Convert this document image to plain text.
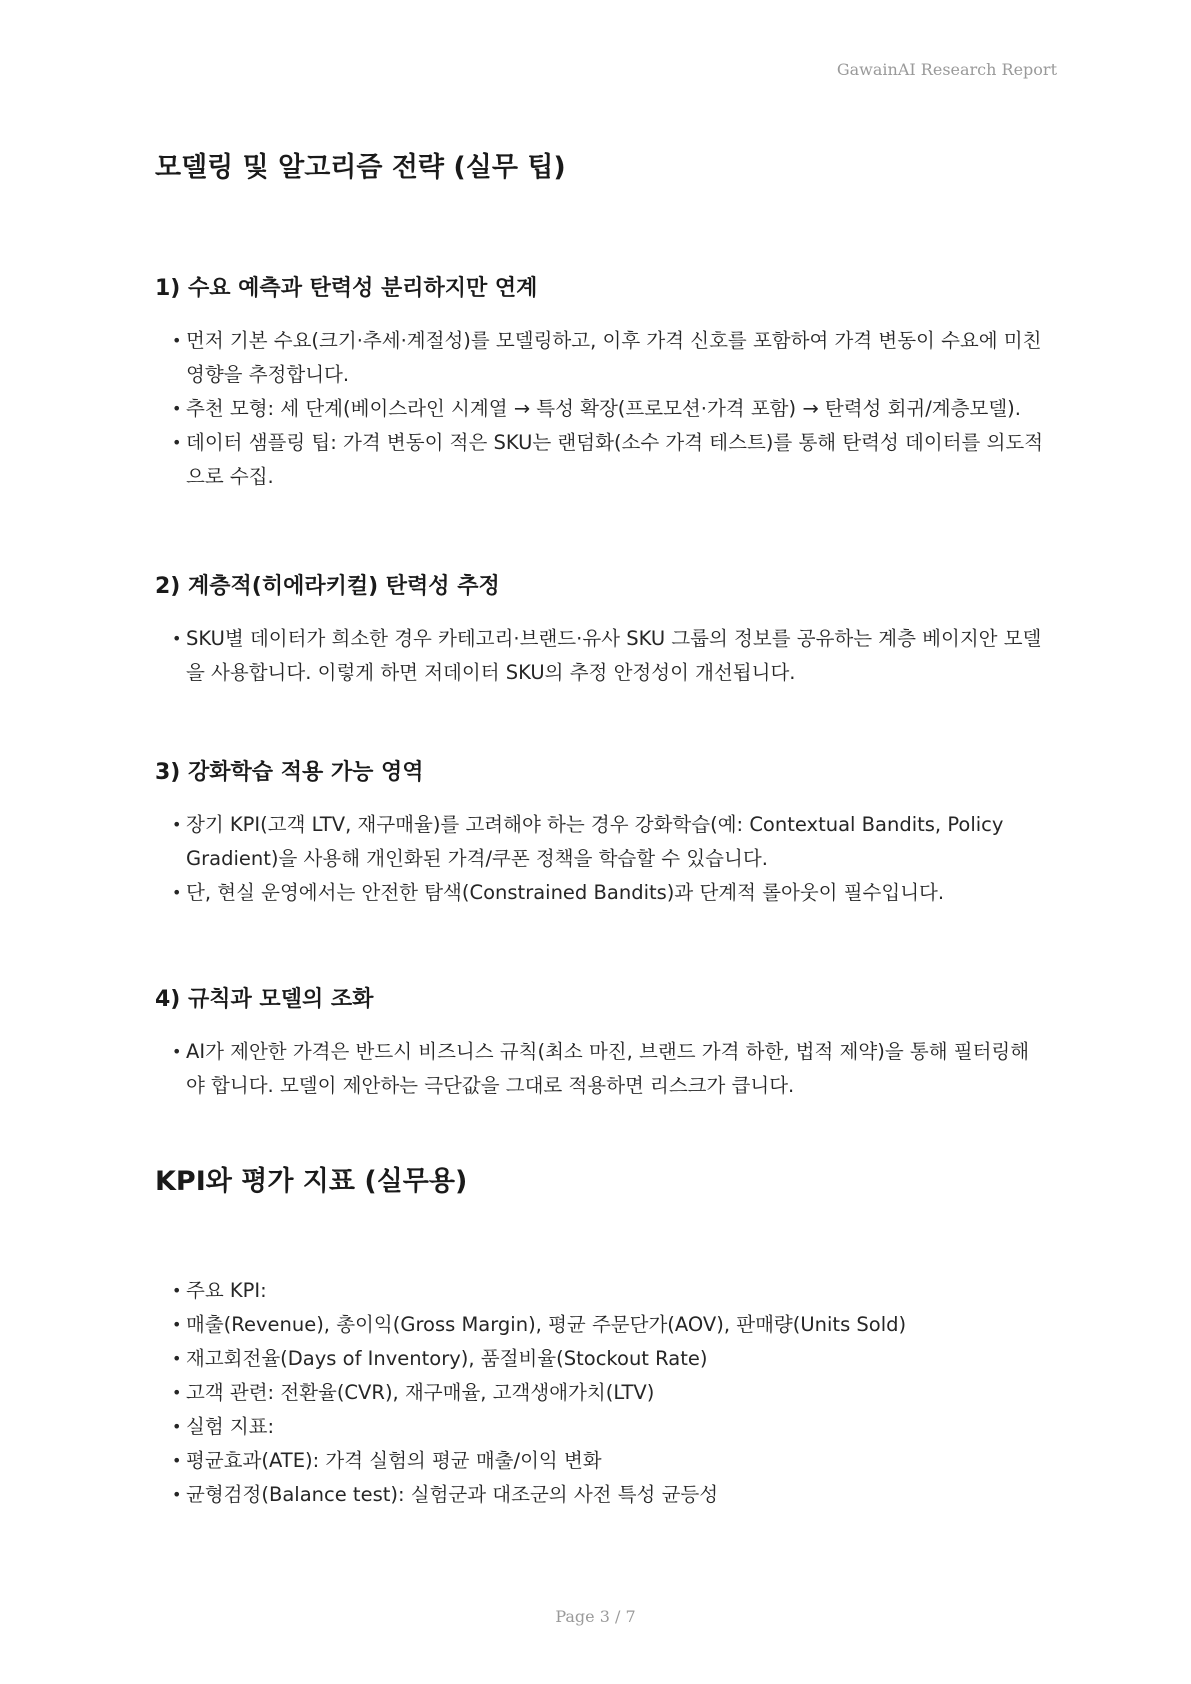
GawainAI Research Report
모델링 및 알고리즘 전략 (실무 팁)
1) 수요 예측과 탄력성 분리하지만 연계
• 먼저 기본 수요(크기·추세·계절성)를 모델링하고, 이후 가격 신호를 포함하여 가격 변동이 수요에 미친 영향을 추정합니다.
• 추천 모형: 세 단계(베이스라인 시계열 → 특성 확장(프로모션·가격 포함) → 탄력성 회귀/계층모델).
• 데이터 샘플링 팁: 가격 변동이 적은 SKU는 랜덤화(소수 가격 테스트)를 통해 탄력성 데이터를 의도적으로 수집.
2) 계층적(히에라키컬) 탄력성 추정
• SKU별 데이터가 희소한 경우 카테고리·브랜드·유사 SKU 그룹의 정보를 공유하는 계층 베이지안 모델을 사용합니다. 이렇게 하면 저데이터 SKU의 추정 안정성이 개선됩니다.
3) 강화학습 적용 가능 영역
• 장기 KPI(고객 LTV, 재구매율)를 고려해야 하는 경우 강화학습(예: Contextual Bandits, Policy Gradient)을 사용해 개인화된 가격/쿠폰 정책을 학습할 수 있습니다.
• 단, 현실 운영에서는 안전한 탐색(Constrained Bandits)과 단계적 롤아웃이 필수입니다.
4) 규칙과 모델의 조화
• AI가 제안한 가격은 반드시 비즈니스 규칙(최소 마진, 브랜드 가격 하한, 법적 제약)을 통해 필터링해야 합니다. 모델이 제안하는 극단값을 그대로 적용하면 리스크가 큽니다.
KPI와 평가 지표 (실무용)
• 주요 KPI:
• 매출(Revenue), 총이익(Gross Margin), 평균 주문단가(AOV), 판매량(Units Sold)
• 재고회전율(Days of Inventory), 품절비율(Stockout Rate)
• 고객 관련: 전환율(CVR), 재구매율, 고객생애가치(LTV)
• 실험 지표:
• 평균효과(ATE): 가격 실험의 평균 매출/이익 변화
• 균형검정(Balance test): 실험군과 대조군의 사전 특성 균등성
Page 3 / 7
